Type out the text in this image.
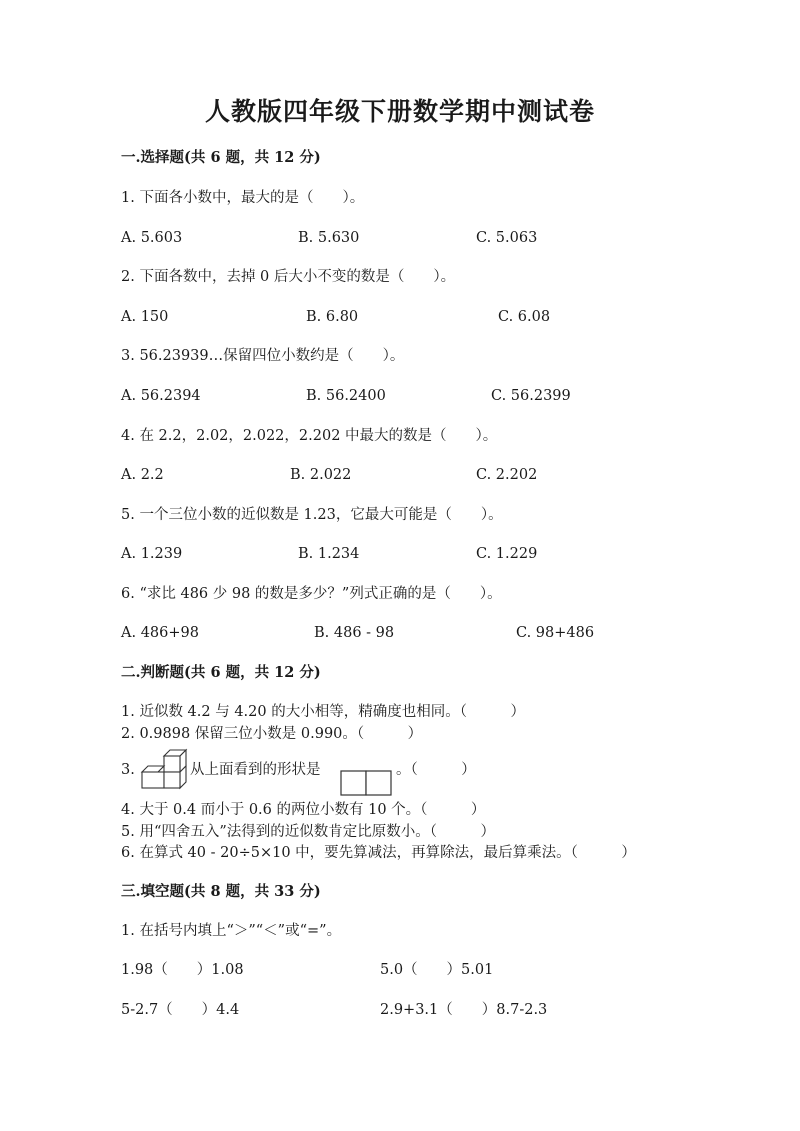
人教版四年级下册数学期中测试卷
一.选择题(共 6 题，共 12 分)
1. 下面各小数中，最大的是（　　）。
A. 5.603	B. 5.630	C. 5.063
2. 下面各数中，去掉 0 后大小不变的数是（　　）。
A. 150	B. 6.80	C. 6.08
3. 56.23939…保留四位小数约是（　　）。
A. 56.2394	B. 56.2400	C. 56.2399
4. 在 2.2，2.02，2.022，2.202 中最大的数是（　　）。
A. 2.2	B. 2.022	C. 2.202
5. 一个三位小数的近似数是 1.23，它最大可能是（　　）。
A. 1.239	B. 1.234	C. 1.229
6. “求比 486 少 98 的数是多少？”列式正确的是（　　）。
A. 486+98	B. 486 - 98	C. 98+486
二.判断题(共 6 题，共 12 分)
1. 近似数 4.2 与 4.20 的大小相等，精确度也相同。（　　　）
2. 0.9898 保留三位小数是 0.990。（　　　）
3.	从上面看到的形状是	。（　　　）
4. 大于 0.4 而小于 0.6 的两位小数有 10 个。（　　　）
5. 用“四舍五入”法得到的近似数肯定比原数小。（　　　）
6. 在算式 40 - 20÷5×10 中，要先算减法，再算除法，最后算乘法。（　　　）
三.填空题(共 8 题，共 33 分)
1. 在括号内填上“＞”“＜”或“=”。
1.98（　　）1.08	5.0（　　）5.01
5-2.7（　　）4.4	2.9+3.1（　　）8.7-2.3
